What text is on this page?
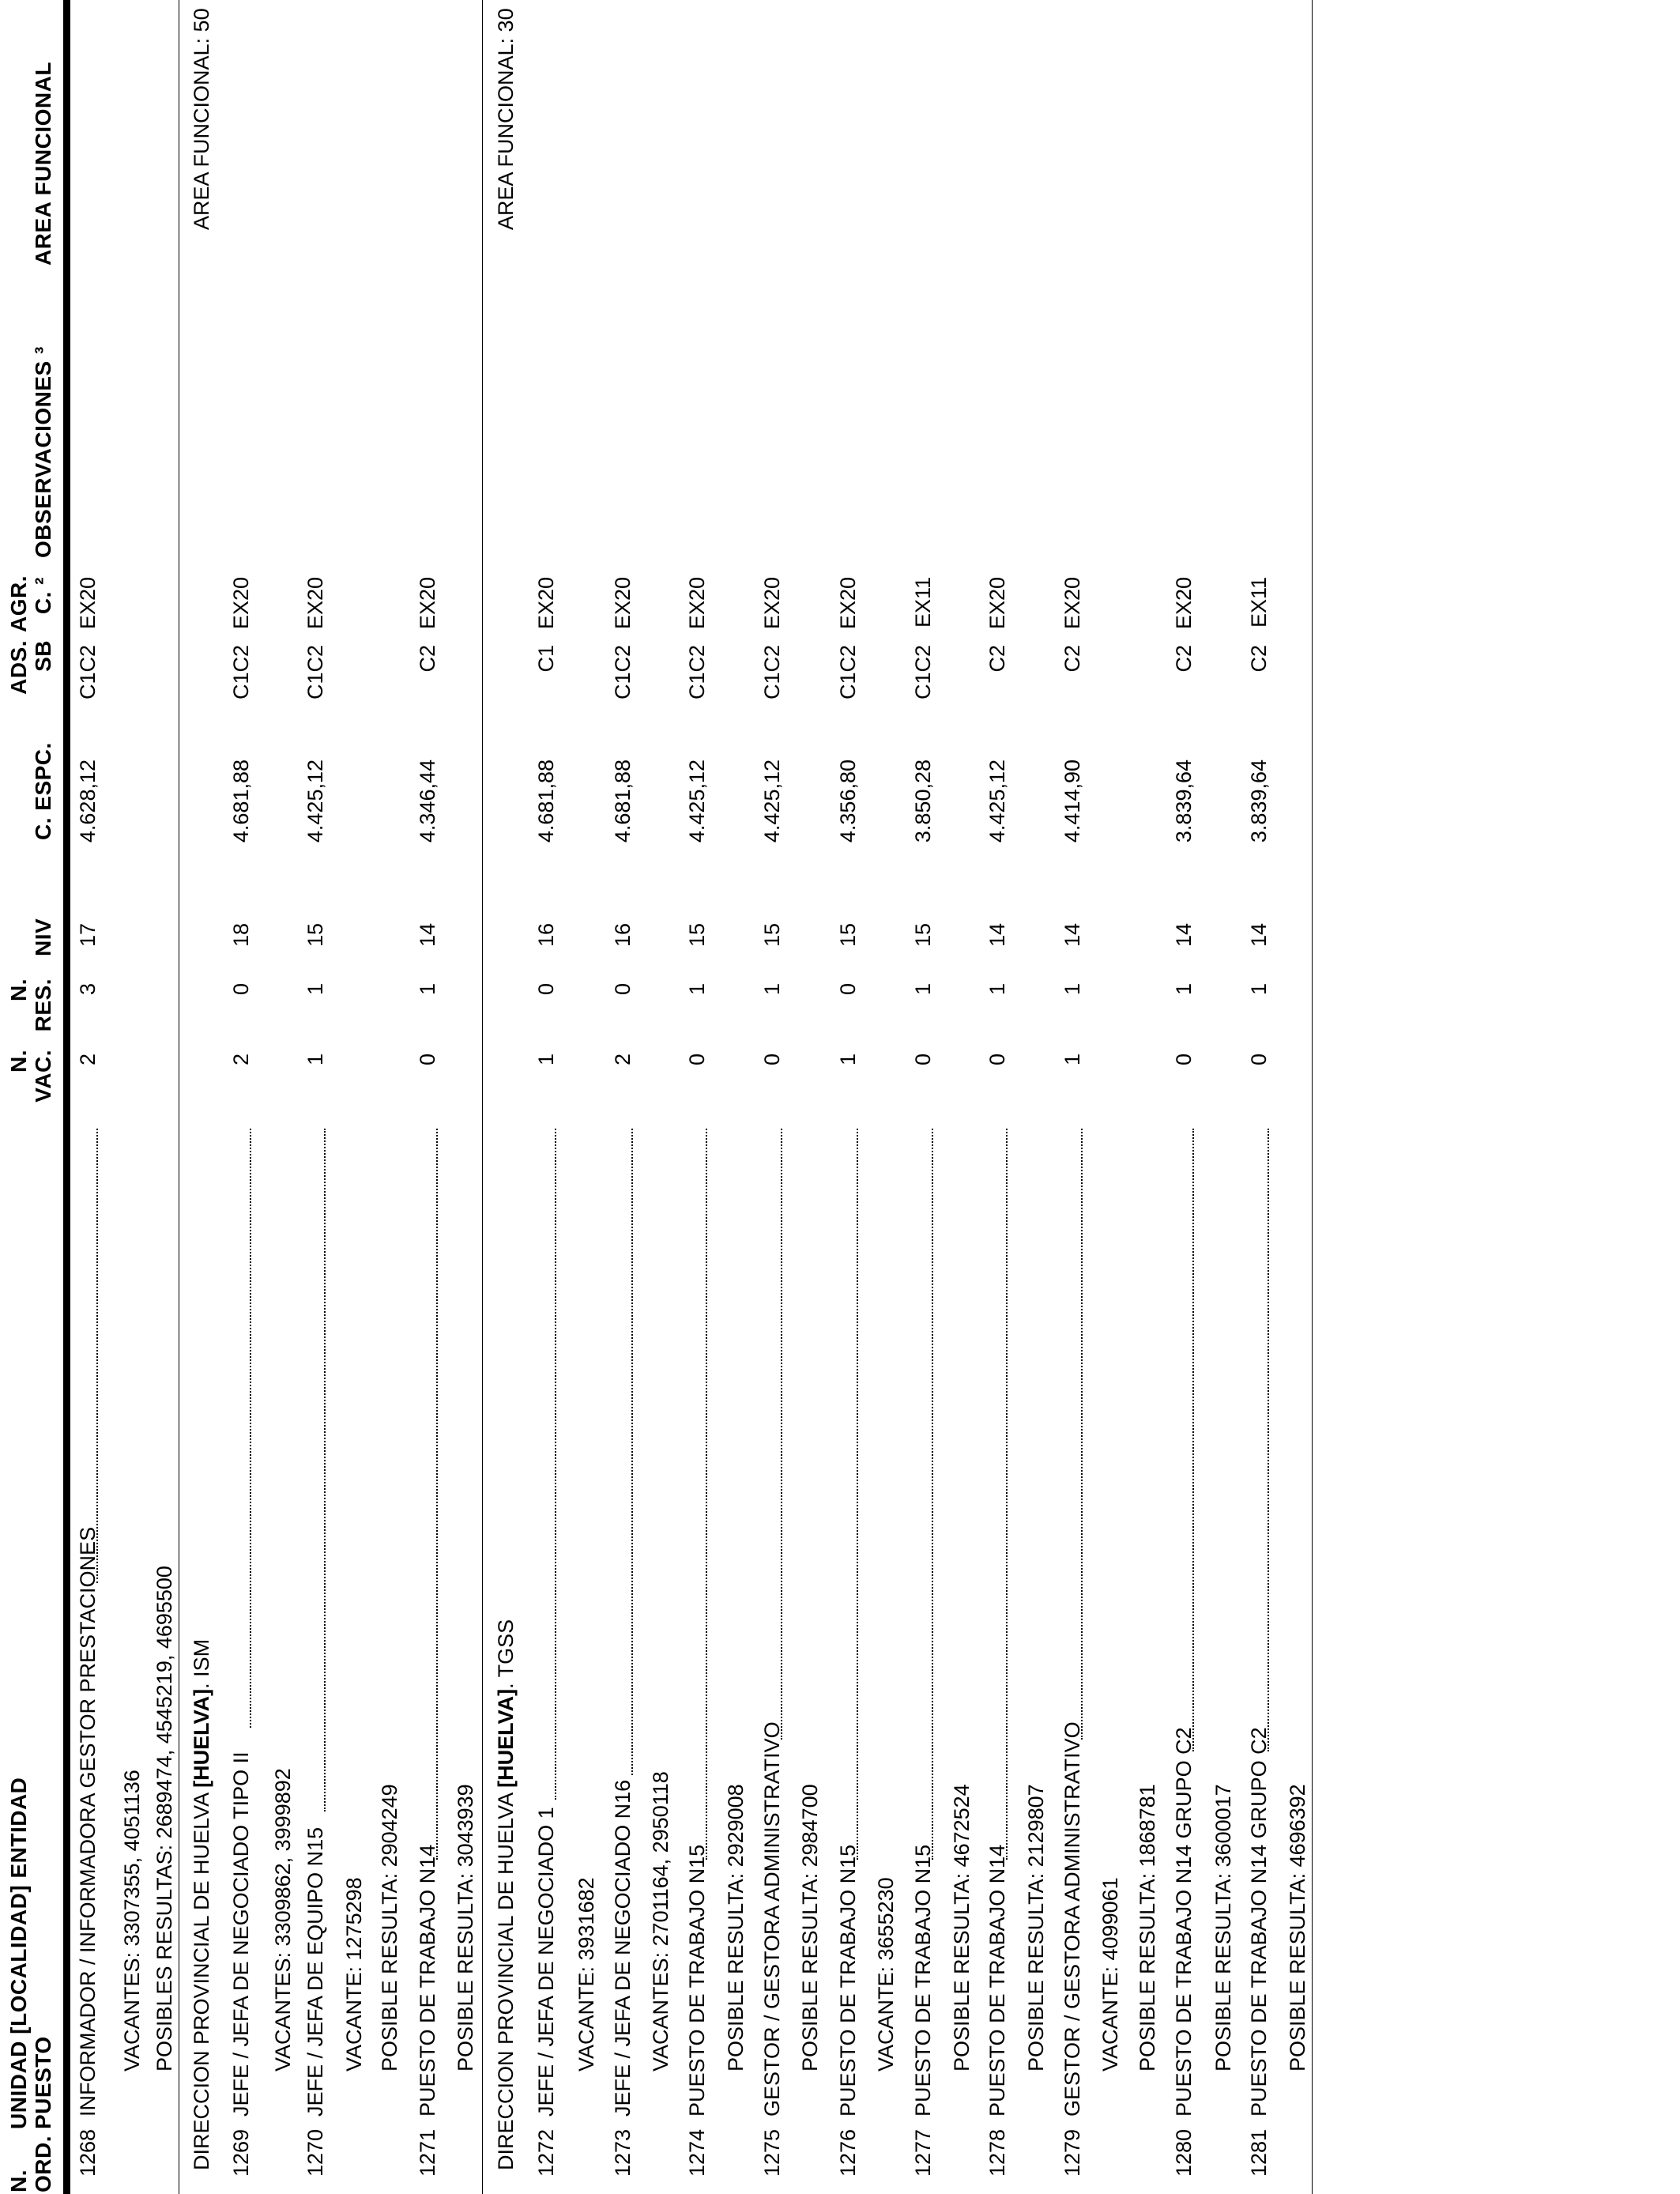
N. ORD.
UNIDAD [LOCALIDAD] ENTIDAD PUESTO
N. VAC.
N. RES.
NIV
C. ESPC.
ADS. SB
AGR. C. ²
OBSERVACIONES ³
AREA FUNCIONAL
1268
INFORMADOR / INFORMADORA GESTOR PRESTACIONES
2
3
17
4.628,12
C1C2
EX20
VACANTES: 3307355, 4051136 POSIBLES RESULTAS: 2689474, 4545219, 4695500
1269
JEFE / JEFA DE NEGOCIADO TIPO II
2
0
18
4.681,88
C1C2
EX20
VACANTES: 3309862, 3999892
1270
JEFE / JEFA DE EQUIPO N15
1
1
15
4.425,12
C1C2
EX20
VACANTE: 1275298 POSIBLE RESULTA: 2904249
1271
PUESTO DE TRABAJO N14
0
1
14
4.346,44
C2
EX20
POSIBLE RESULTA: 3043939
1272
JEFE / JEFA DE NEGOCIADO 1
1
0
16
4.681,88
C1
EX20
VACANTE: 3931682
1273
JEFE / JEFA DE NEGOCIADO N16
2
0
16
4.681,88
C1C2
EX20
VACANTES: 2701164, 2950118
1274
PUESTO DE TRABAJO N15
0
1
15
4.425,12
C1C2
EX20
POSIBLE RESULTA: 2929008
1275
GESTOR / GESTORA ADMINISTRATIVO
0
1
15
4.425,12
C1C2
EX20
POSIBLE RESULTA: 2984700
1276
PUESTO DE TRABAJO N15
1
0
15
4.356,80
C1C2
EX20
VACANTE: 3655230
1277
PUESTO DE TRABAJO N15
0
1
15
3.850,28
C1C2
EX11
POSIBLE RESULTA: 4672524
1278
PUESTO DE TRABAJO N14
0
1
14
4.425,12
C2
EX20
POSIBLE RESULTA: 2129807
1279
GESTOR / GESTORA ADMINISTRATIVO
1
1
14
4.414,90
C2
EX20
VACANTE: 4099061 POSIBLE RESULTA: 1868781
1280
PUESTO DE TRABAJO N14 GRUPO C2
0
1
14
3.839,64
C2
EX20
POSIBLE RESULTA: 3600017
1281
PUESTO DE TRABAJO N14 GRUPO C2
0
1
14
3.839,64
C2
EX11
POSIBLE RESULTA: 4696392
DIRECCION PROVINCIAL DE HUELVA [HUELVA]. ISM
AREA FUNCIONAL: 50
DIRECCION PROVINCIAL DE HUELVA [HUELVA]. TGSS
AREA FUNCIONAL: 30
